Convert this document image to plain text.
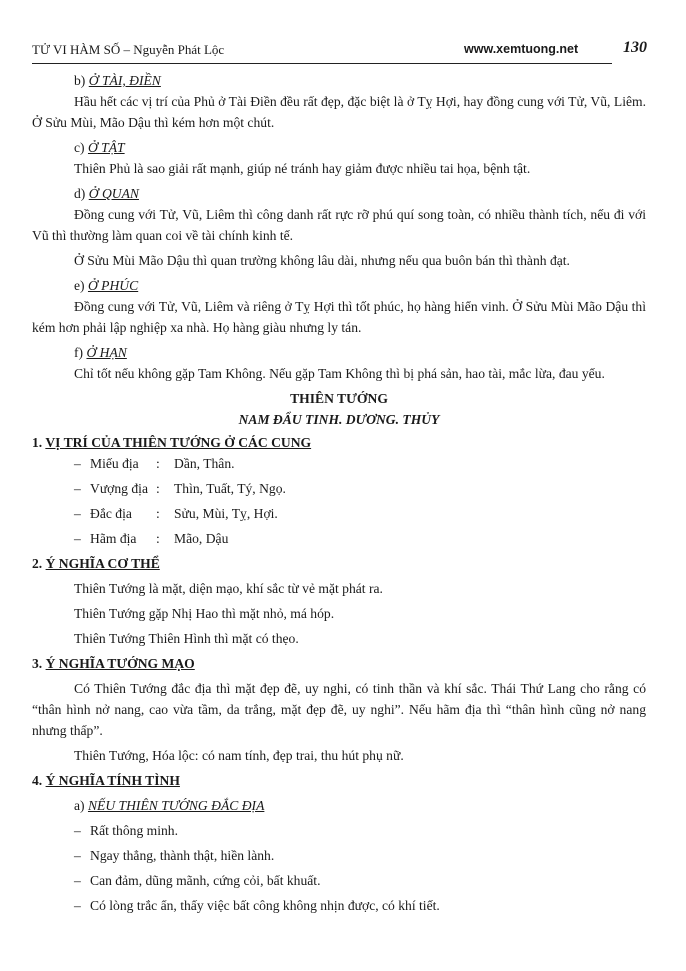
TỬ VI HÀM SỐ – Nguyễn Phát Lộc	www.xemtuong.net	130
b) Ở TÀI, ĐIỀN
Hầu hết các vị trí của Phủ ở Tài Điền đều rất đẹp, đặc biệt là ở Tỵ Hợi, hay đồng cung với Tử, Vũ, Liêm. Ở Sửu Mùi, Mão Dậu thì kém hơn một chút.
c) Ở TẬT
Thiên Phủ là sao giải rất mạnh, giúp né tránh hay giảm được nhiều tai họa, bệnh tật.
d) Ở QUAN
Đồng cung với Tử, Vũ, Liêm thì công danh rất rực rỡ phú quí song toàn, có nhiều thành tích, nếu đi với Vũ thì thường làm quan coi về tài chính kinh tế.
Ở Sửu Mùi Mão Dậu thì quan trường không lâu dài, nhưng nếu qua buôn bán thì thành đạt.
e) Ở PHÚC
Đồng cung với Tử, Vũ, Liêm và riêng ở Tỵ Hợi thì tốt phúc, họ hàng hiển vinh. Ở Sửu Mùi Mão Dậu thì kém hơn phải lập nghiệp xa nhà. Họ hàng giàu nhưng ly tán.
f) Ở HẠN
Chỉ tốt nếu không gặp Tam Không. Nếu gặp Tam Không thì bị phá sản, hao tài, mắc lừa, đau yếu.
THIÊN TƯỚNG
NAM ĐẨU TINH. DƯƠNG. THỦY
1. VỊ TRÍ CỦA THIÊN TƯỚNG Ở CÁC CUNG
– Miếu địa : Dần, Thân.
– Vượng địa : Thìn, Tuất, Tý, Ngọ.
– Đắc địa : Sửu, Mùi, Tỵ, Hợi.
– Hãm địa : Mão, Dậu
2. Ý NGHĨA CƠ THỂ
Thiên Tướng là mặt, diện mạo, khí sắc từ vẻ mặt phát ra.
Thiên Tướng gặp Nhị Hao thì mặt nhỏ, má hóp.
Thiên Tướng Thiên Hình thì mặt có thẹo.
3. Ý NGHĨA TƯỚNG MẠO
Có Thiên Tướng đắc địa thì mặt đẹp đẽ, uy nghi, có tinh thần và khí sắc. Thái Thứ Lang cho rằng có “thân hình nở nang, cao vừa tầm, da trắng, mặt đẹp đẽ, uy nghi”. Nếu hãm địa thì “thân hình cũng nở nang nhưng thấp”.
Thiên Tướng, Hóa lộc: có nam tính, đẹp trai, thu hút phụ nữ.
4. Ý NGHĨA TÍNH TÌNH
a) NẾU THIÊN TƯỚNG ĐẮC ĐỊA
– Rất thông minh.
– Ngay thẳng, thành thật, hiền lành.
– Can đảm, dũng mãnh, cứng cỏi, bất khuất.
– Có lòng trắc ẩn, thấy việc bất công không nhịn được, có khí tiết.
